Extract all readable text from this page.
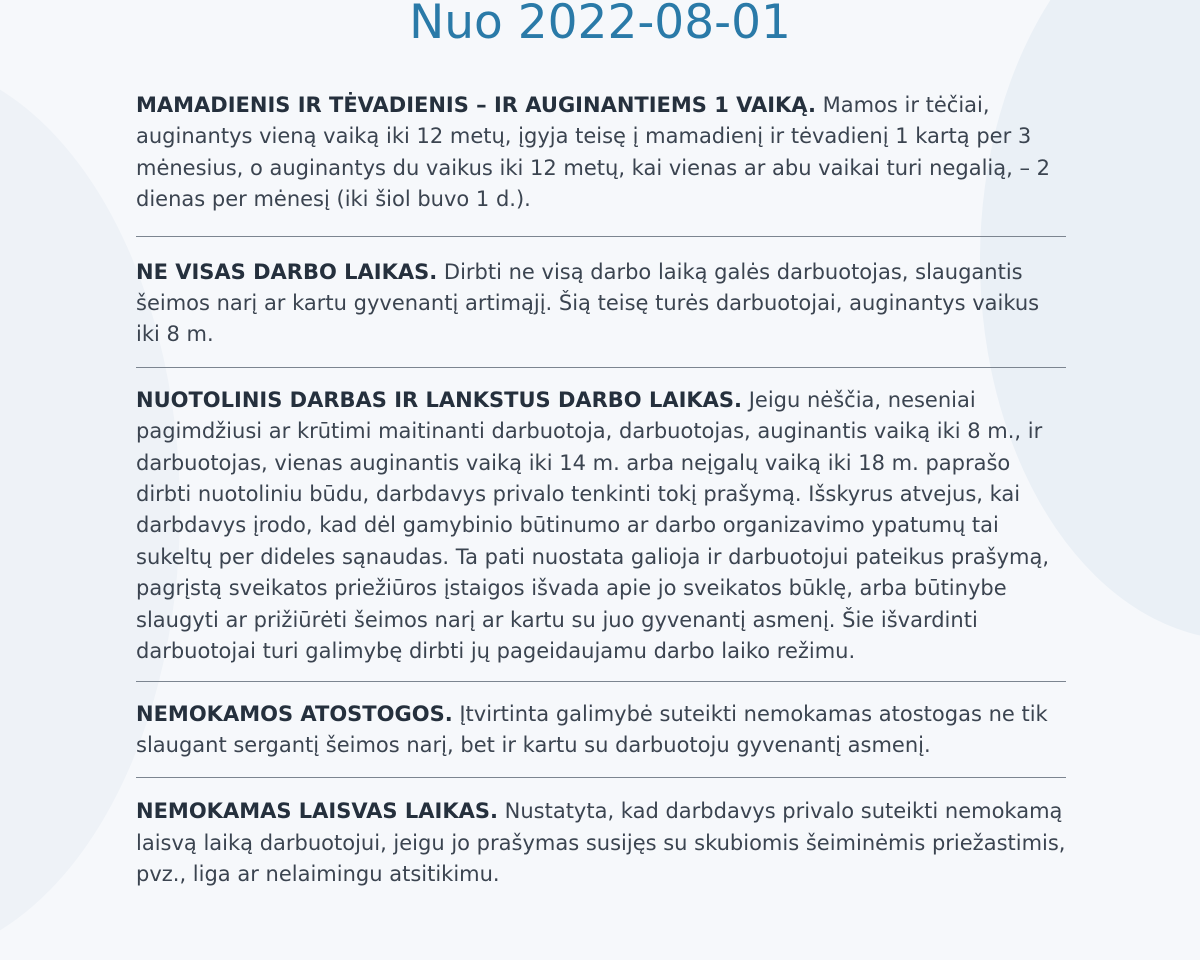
Nuo 2022-08-01

MAMADIENIS IR TĖVADIENIS – IR AUGINANTIEMS 1 VAIKĄ. Mamos ir tėčiai, auginantys vieną vaiką iki 12 metų, įgyja teisę į mamadienį ir tėvadienį 1 kartą per 3 mėnesius, o auginantys du vaikus iki 12 metų, kai vienas ar abu vaikai turi negalią, – 2 dienas per mėnesį (iki šiol buvo 1 d.).

NE VISAS DARBO LAIKAS. Dirbti ne visą darbo laiką galės darbuotojas, slaugantis šeimos narį ar kartu gyvenantį artimąjį. Šią teisę turės darbuotojai, auginantys vaikus iki 8 m.

NUOTOLINIS DARBAS IR LANKSTUS DARBO LAIKAS. Jeigu nėščia, neseniai pagimdžiusi ar krūtimi maitinanti darbuotoja, darbuotojas, auginantis vaiką iki 8 m., ir darbuotojas, vienas auginantis vaiką iki 14 m. arba neįgalų vaiką iki 18 m. paprašo dirbti nuotoliniu būdu, darbdavys privalo tenkinti tokį prašymą. Išskyrus atvejus, kai darbdavys įrodo, kad dėl gamybinio būtinumo ar darbo organizavimo ypatumų tai sukeltų per dideles sąnaudas. Ta pati nuostata galioja ir darbuotojui pateikus prašymą, pagrįstą sveikatos priežiūros įstaigos išvada apie jo sveikatos būklę, arba būtinybe slaugyti ar prižiūrėti šeimos narį ar kartu su juo gyvenantį asmenį. Šie išvardinti darbuotojai turi galimybę dirbti jų pageidaujamu darbo laiko režimu.

NEMOKAMOS ATOSTOGOS. Įtvirtinta galimybė suteikti nemokamas atostogas ne tik slaugant sergantį šeimos narį, bet ir kartu su darbuotoju gyvenantį asmenį.

NEMOKAMAS LAISVAS LAIKAS. Nustatyta, kad darbdavys privalo suteikti nemokamą laisvą laiką darbuotojui, jeigu jo prašymas susijęs su skubiomis šeiminėmis priežastimis, pvz., liga ar nelaimingu atsitikimu.
